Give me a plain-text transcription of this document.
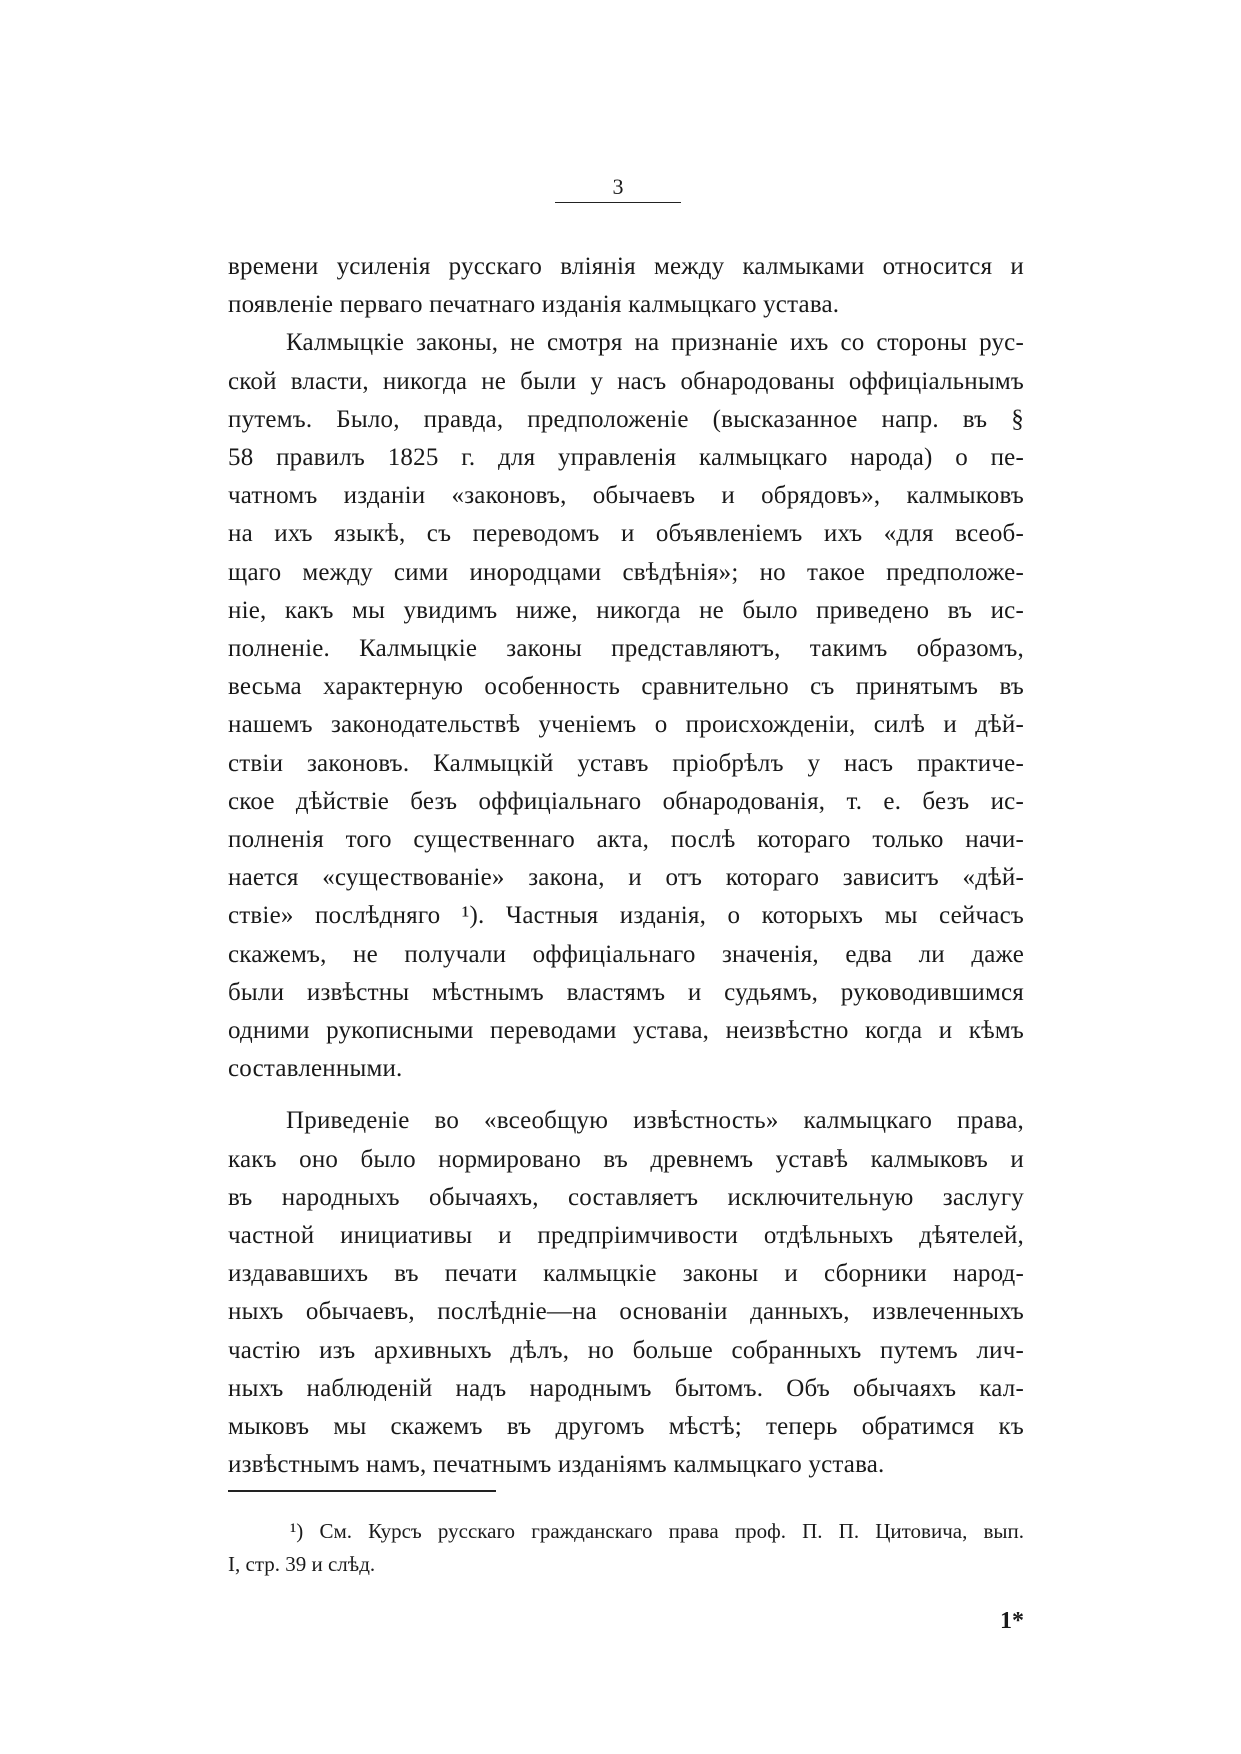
3
времени усиленія русскаго вліянія между калмыками относится и
появленіе перваго печатнаго изданія калмыцкаго устава.
Калмыцкіе законы, не смотря на признаніе ихъ со стороны рус-
ской власти, никогда не были у насъ обнародованы оффиціальнымъ
путемъ. Было, правда, предположеніе (высказанное напр. въ §
58 правилъ 1825 г. для управленія калмыцкаго народа) о пе-
чатномъ изданіи «законовъ, обычаевъ и обрядовъ», калмыковъ
на ихъ языкѣ, съ переводомъ и объявленіемъ ихъ «для всеоб-
щаго между сими инородцами свѣдѣнія»; но такое предположе-
ніе, какъ мы увидимъ ниже, никогда не было приведено въ ис-
полненіе. Калмыцкіе законы представляютъ, такимъ образомъ,
весьма характерную особенность сравнительно съ принятымъ въ
нашемъ законодательствѣ ученіемъ о происхожденіи, силѣ и дѣй-
ствіи законовъ. Калмыцкій уставъ пріобрѣлъ у насъ практиче-
ское дѣйствіе безъ оффиціальнаго обнародованія, т. е. безъ ис-
полненія того существеннаго акта, послѣ котораго только начи-
нается «существованіе» закона, и отъ котораго зависитъ «дѣй-
ствіе» послѣдняго ¹). Частныя изданія, о которыхъ мы сейчасъ
скажемъ, не получали оффиціальнаго значенія, едва ли даже
были извѣстны мѣстнымъ властямъ и судьямъ, руководившимся
одними рукописными переводами устава, неизвѣстно когда и кѣмъ
составленными.
Приведеніе во «всеобщую извѣстность» калмыцкаго права,
какъ оно было нормировано въ древнемъ уставѣ калмыковъ и
въ народныхъ обычаяхъ, составляетъ исключительную заслугу
частной инициативы и предпріимчивости отдѣльныхъ дѣятелей,
издававшихъ въ печати калмыцкіе законы и сборники народ-
ныхъ обычаевъ, послѣдніе—на основаніи данныхъ, извлеченныхъ
частію изъ архивныхъ дѣлъ, но больше собранныхъ путемъ лич-
ныхъ наблюденій надъ народнымъ бытомъ. Объ обычаяхъ кал-
мыковъ мы скажемъ въ другомъ мѣстѣ; теперь обратимся къ
извѣстнымъ намъ, печатнымъ изданіямъ калмыцкаго устава.
¹) См. Курсъ русскаго гражданскаго права проф. П. П. Цитовича, вып.
I, стр. 39 и слѣд.
1*
